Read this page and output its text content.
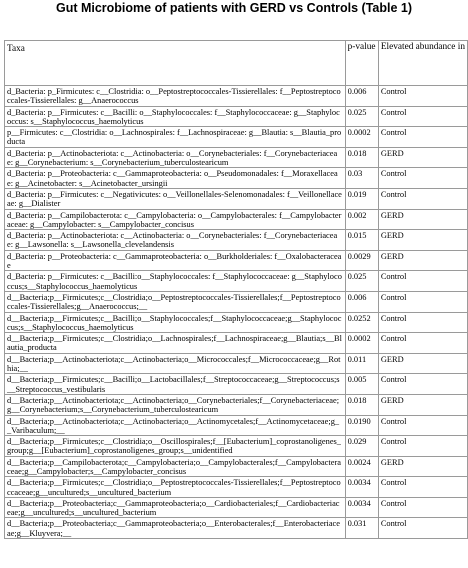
Gut Microbiome of patients with GERD vs Controls (Table 1)
Taxa	p-value	Elevated abundance in
d_Bacteria: p_Firmicutes: c__Clostridia: o__Peptostreptococcales-Tissierellales: f__Peptostreptococcales-Tissierellales: g__Anaerococcus	0.006	Control
d_Bacteria: p__Firmicutes: c__Bacilli: o__Staphylococcales: f__Staphylococcaceae: g__Staphylococcus: s__Staphylococcus_haemolyticus	0.025	Control
p__Firmicutes: c__Clostridia: o__Lachnospirales: f__Lachnospiraceae: g__Blautia: s__Blautia_producta	0.0002	Control
d_Bacteria: p__Actinobacteriota: c__Actinobacteria: o__Corynebacteriales: f__Corynebacteriaceae: g__Corynebacterium: s__Corynebacterium_tuberculostearicum	0.018	GERD
d_Bacteria: p__Proteobacteria: c__Gammaproteobacteria: o__Pseudomonadales: f__Moraxellaceae: g__Acinetobacter: s__Acinetobacter_ursingii	0.03	Control
d_Bacteria: p__Firmicutes: c__Negativicutes: o__Veillonellales-Selenomonadales: f__Veillonellaceae: g__Dialister	0.019	Control
d_Bacteria: p__Campilobacterota: c__Campylobacteria: o__Campylobacterales: f__Campylobacteraceae: g__Campylobacter: s__Campylobacter_concisus	0.002	GERD
d_Bacteria: p__Actinobacteriota: c__Actinobacteria: o__Corynebacteriales: f__Corynebacteriaceae: g__Lawsonella: s__Lawsonella_clevelandensis	0.015	GERD
d_Bacteria: p__Proteobacteria: c__Gammaproteobacteria: o__Burkholderiales: f__Oxalobacteraceae	0.0029	GERD
d_Bacteria: p__Firmicutes: c__Bacilli:o__Staphylococcales: f__Staphylococcaceae: g__Staphylococcus;s__Staphylococcus_haemolyticus	0.025	Control
d__Bacteria;p__Firmicutes;c__Clostridia;o__Peptostreptococcales-Tissierellales;f__Peptostreptococcales-Tissierellales;g__Anaerococcus;__	0.006	Control
d__Bacteria;p__Firmicutes;c__Bacilli;o__Staphylococcales;f__Staphylococcaceae;g__Staphylococcus;s__Staphylococcus_haemolyticus	0.0252	Control
d__Bacteria;p__Firmicutes;c__Clostridia;o__Lachnospirales;f__Lachnospiraceae;g__Blautia;s__Blautia_producta	0.0002	Control
d__Bacteria;p__Actinobacteriota;c__Actinobacteria;o__Micrococcales;f__Micrococcaceae;g__Rothia;__	0.011	GERD
d__Bacteria;p__Firmicutes;c__Bacilli;o__Lactobacillales;f__Streptococcaceae;g__Streptococcus;s__Streptococcus_vestibularis	0.005	Control
d__Bacteria;p__Actinobacteriota;c__Actinobacteria;o__Corynebacteriales;f__Corynebacteriaceae;g__Corynebacterium;s__Corynebacterium_tuberculostearicum	0.018	GERD
d__Bacteria;p__Actinobacteriota;c__Actinobacteria;o__Actinomycetales;f__Actinomycetaceae;g__Varibaculum;__	0.0190	Control
d__Bacteria;p__Firmicutes;c__Clostridia;o__Oscillospirales;f__[Eubacterium]_coprostanoligenes_group;g__[Eubacterium]_coprostanoligenes_group;s__unidentified	0.029	Control
d__Bacteria;p__Campilobacterota;c__Campylobacteria;o__Campylobacterales;f__Campylobacteraceae;g__Campylobacter;s__Campylobacter_concisus	0.0024	GERD
d__Bacteria;p__Firmicutes;c__Clostridia;o__Peptostreptococcales-Tissierellales;f__Peptostreptococcaceae;g__uncultured;s__uncultured_bacterium	0.0034	Control
d__Bacteria;p__Proteobacteria;c__Gammaproteobacteria;o__Cardiobacteriales;f__Cardiobacteriaceae;g__uncultured;s__uncultured_bacterium	0.0034	Control
d__Bacteria;p__Proteobacteria;c__Gammaproteobacteria;o__Enterobacterales;f__Enterobacteriaceae;g__Kluyvera;__	0.031	Control
